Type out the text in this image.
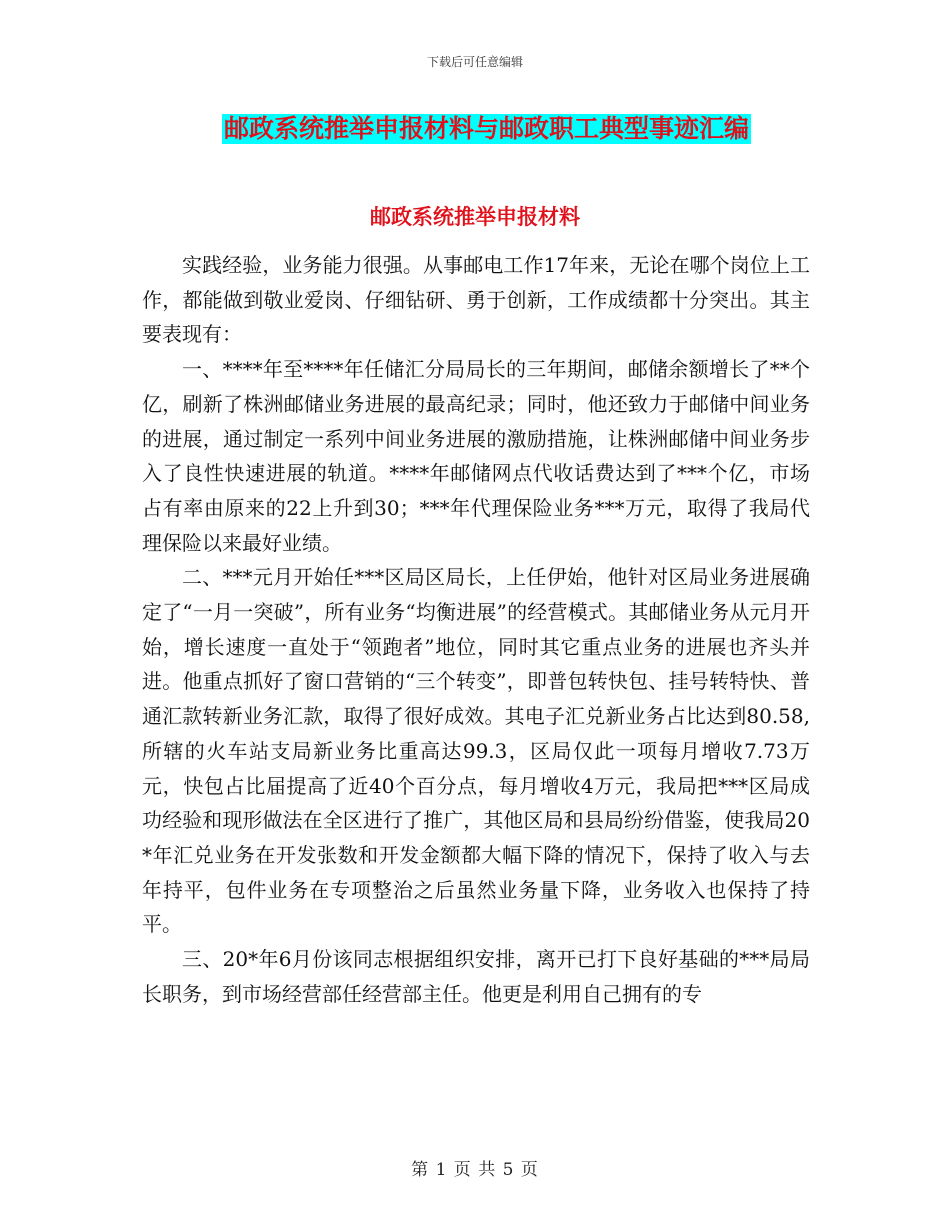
下载后可任意编辑
邮政系统推举申报材料与邮政职工典型事迹汇编
邮政系统推举申报材料

实践经验，业务能力很强。从事邮电工作17年来，无论在哪个岗位上工作，都能做到敬业爱岗、仔细钻研、勇于创新，工作成绩都十分突出。其主要表现有：

一、****年至****年任储汇分局局长的三年期间，邮储余额增长了**个亿，刷新了株洲邮储业务进展的最高纪录；同时，他还致力于邮储中间业务的进展，通过制定一系列中间业务进展的激励措施，让株洲邮储中间业务步入了良性快速进展的轨道。****年邮储网点代收话费达到了***个亿，市场占有率由原来的22上升到30；***年代理保险业务***万元，取得了我局代理保险以来最好业绩。

二、***元月开始任***区局区局长，上任伊始，他针对区局业务进展确定了“一月一突破”，所有业务“均衡进展”的经营模式。其邮储业务从元月开始，增长速度一直处于“领跑者”地位，同时其它重点业务的进展也齐头并进。他重点抓好了窗口营销的“三个转变”，即普包转快包、挂号转特快、普通汇款转新业务汇款，取得了很好成效。其电子汇兑新业务占比达到80.58,所辖的火车站支局新业务比重高达99.3，区局仅此一项每月增收7.73万元，快包占比届提高了近40个百分点，每月增收4万元，我局把***区局成功经验和现形做法在全区进行了推广，其他区局和县局纷纷借鉴，使我局20*年汇兑业务在开发张数和开发金额都大幅下降的情况下，保持了收入与去年持平，包件业务在专项整治之后虽然业务量下降，业务收入也保持了持平。

三、20*年6月份该同志根据组织安排，离开已打下良好基础的***局局长职务，到市场经营部任经营部主任。他更是利用自己拥有的专

第 1 页 共 5 页
